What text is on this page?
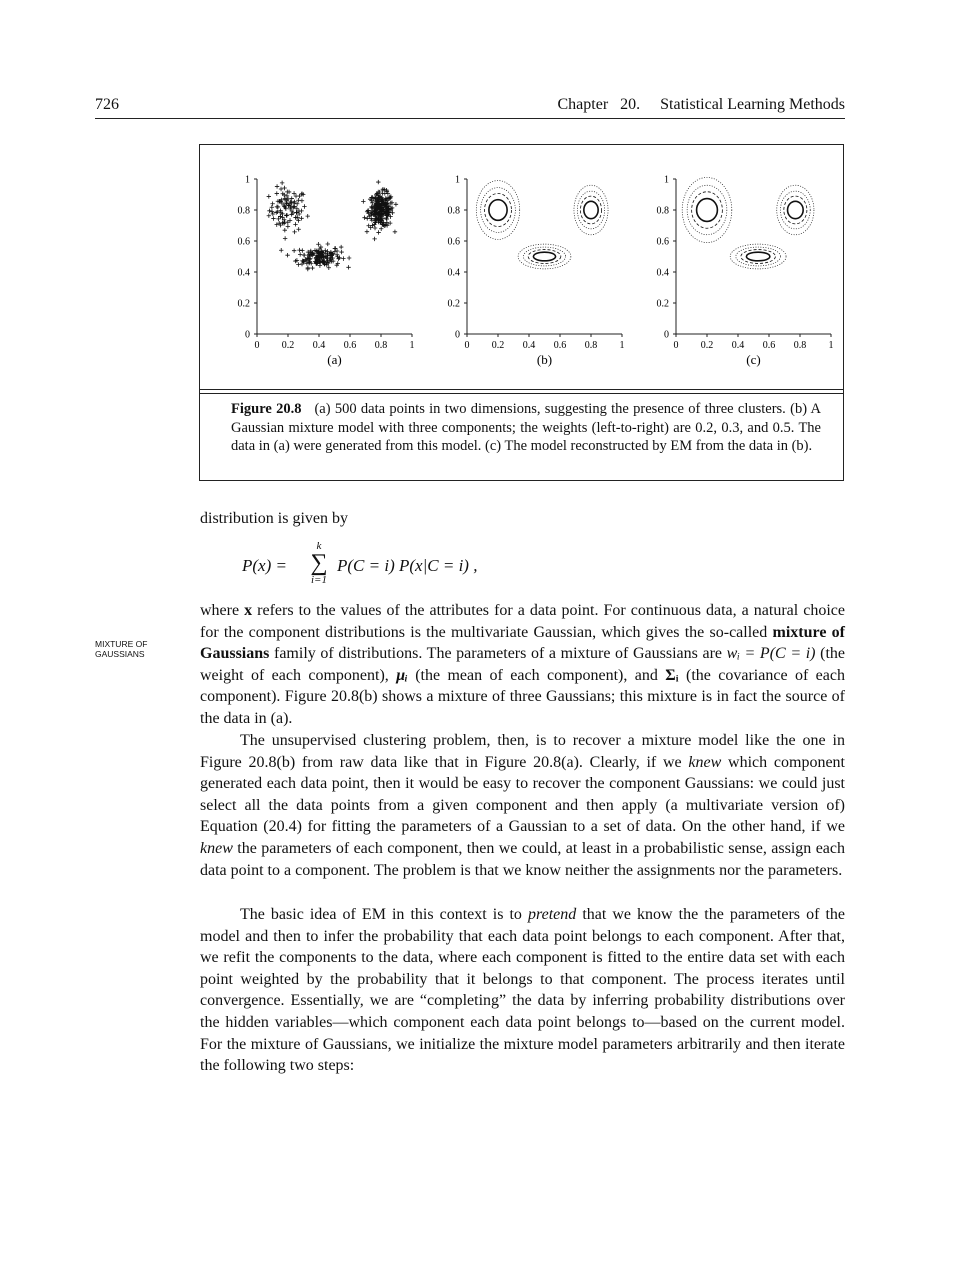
726	Chapter   20.     Statistical Learning Methods
0
0.2
0.4
0.6
0.8
1
0 0.2 0.4 0.6 0.8 1
(a)
0
0.2
0.4
0.6
0.8
1
0 0.2 0.4 0.6 0.8 1
(b)
0
0.2
0.4
0.6
0.8
1
0 0.2 0.4 0.6 0.8 1
(c)
Figure 20.8 (a) 500 data points in two dimensions, suggesting the presence of three clusters. (b) A Gaussian mixture model with three components; the weights (left-to-right) are 0.2, 0.3, and 0.5. The data in (a) were generated from this model. (c) The model reconstructed by EM from the data in (b).
distribution is given by
P(x) =
k
∑
i=1
P(C = i) P(x|C = i) ,
MIXTURE OF GAUSSIANS
where x refers to the values of the attributes for a data point. For continuous data, a natural choice for the component distributions is the multivariate Gaussian, which gives the so-called mixture of Gaussians family of distributions. The parameters of a mixture of Gaussians are wᵢ = P(C = i) (the weight of each component), μᵢ (the mean of each component), and Σᵢ (the covariance of each component). Figure 20.8(b) shows a mixture of three Gaussians; this mixture is in fact the source of the data in (a).
The unsupervised clustering problem, then, is to recover a mixture model like the one in Figure 20.8(b) from raw data like that in Figure 20.8(a). Clearly, if we knew which component generated each data point, then it would be easy to recover the component Gaussians: we could just select all the data points from a given component and then apply (a multivariate version of) Equation (20.4) for fitting the parameters of a Gaussian to a set of data. On the other hand, if we knew the parameters of each component, then we could, at least in a probabilistic sense, assign each data point to a component. The problem is that we know neither the assignments nor the parameters.
The basic idea of EM in this context is to pretend that we know the the parameters of the model and then to infer the probability that each data point belongs to each component. After that, we refit the components to the data, where each component is fitted to the entire data set with each point weighted by the probability that it belongs to that component. The process iterates until convergence. Essentially, we are “completing” the data by inferring probability distributions over the hidden variables—which component each data point belongs to—based on the current model. For the mixture of Gaussians, we initialize the mixture model parameters arbitrarily and then iterate the following two steps:
